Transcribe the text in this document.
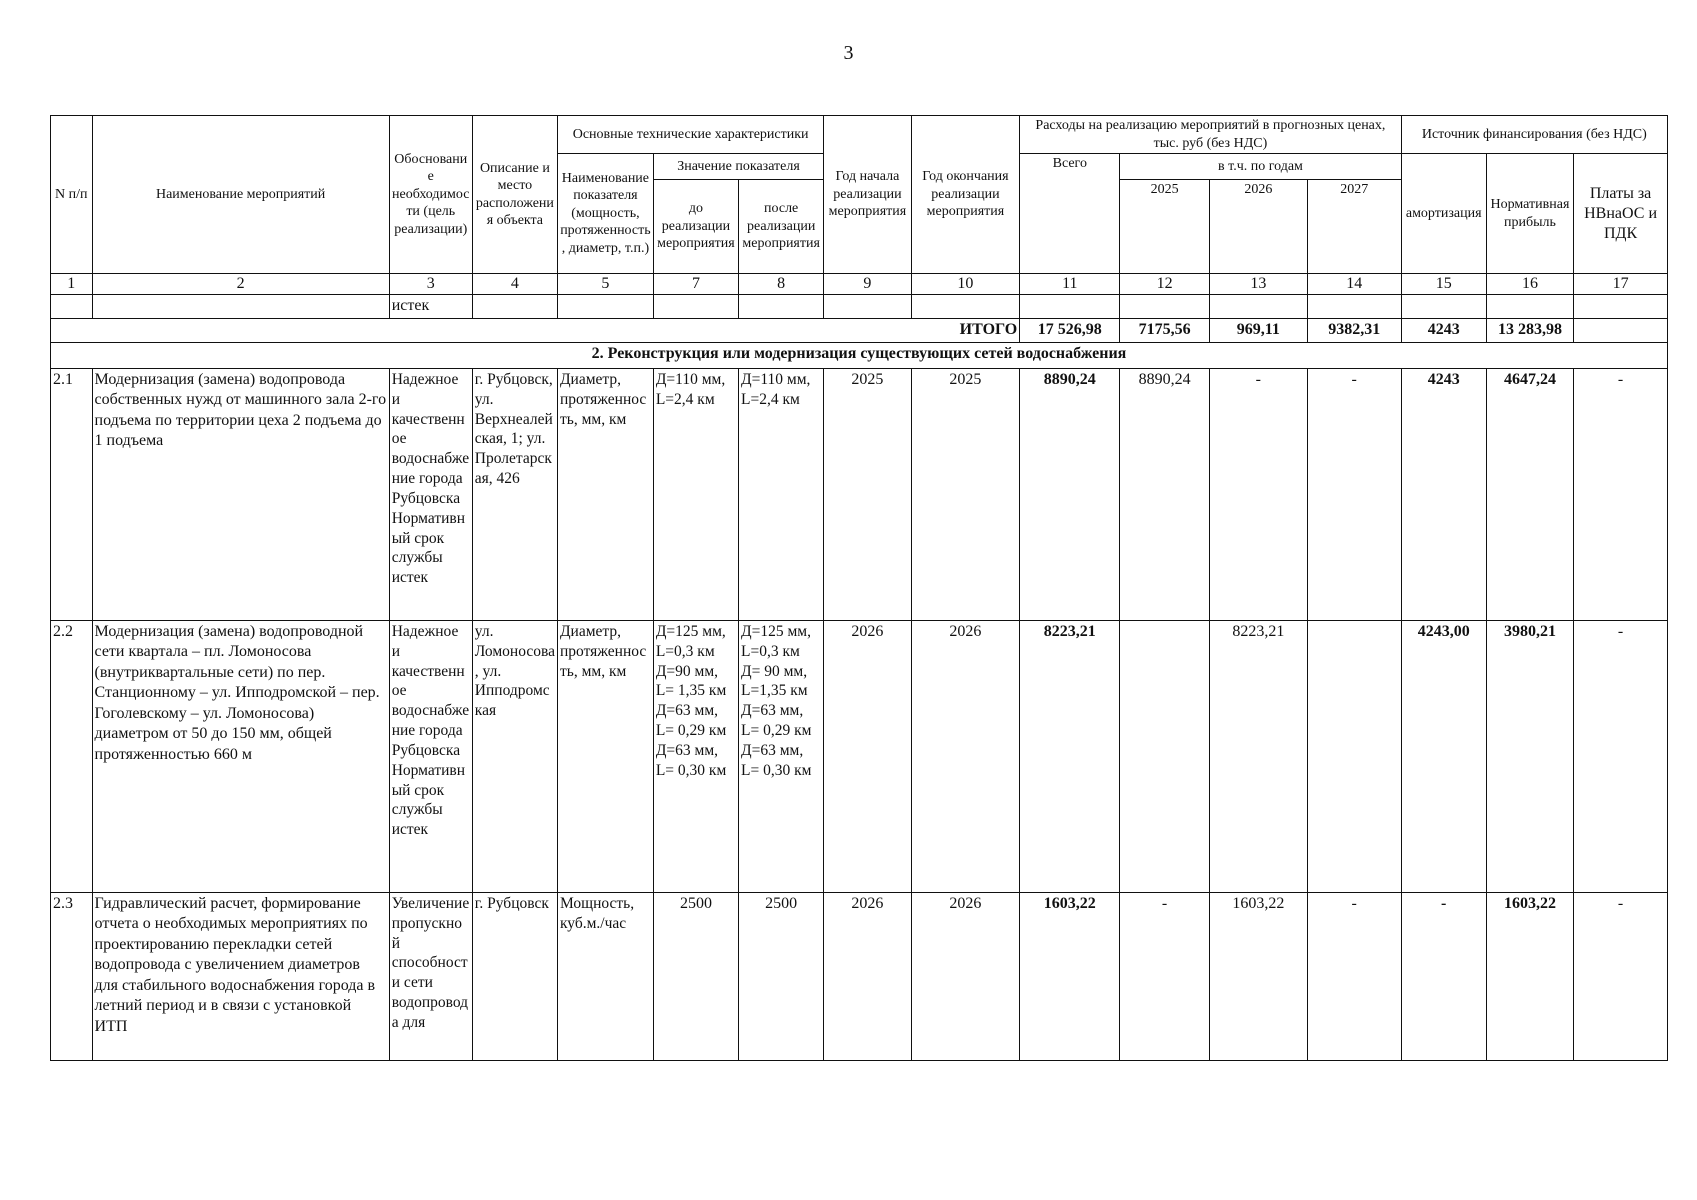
3
N п/п	Наименование мероприятий	Обоснование необходимости (цель реализации)	Описание и место расположения объекта	Основные технические характеристики			Год начала реализации мероприятия	Год окончания реализации мероприятия	Расходы на реализацию мероприятий в прогнозных ценах, тыс. руб (без НДС)				Источник финансирования (без НДС)		
				Наименование показателя (мощность, протяженность, диаметр, т.п.)	Значение показателя				Всего	в т.ч. по годам			амортизация	Нормативная прибыль	Платы за НВнаОС и ПДК
					до реализации мероприятия	после реализации мероприятия				2025	2026	2027			
1	2	3	4	5	7	8	9	10	11	12	13	14	15	16	17
		истек													
ИТОГО									17 526,98	7175,56	969,11	9382,31	4243	13 283,98	
2. Реконструкция или модернизация существующих сетей водоснабжения															
2.1	Модернизация (замена) водопровода собственных нужд от машинного зала 2-го подъема по территории цеха 2 подъема до 1 подъема	Надежное и качественное водоснабжение города Рубцовска Нормативный срок службы истек	г. Рубцовск, ул. Верхнеалейская, 1; ул. Пролетарская, 426	Диаметр, протяженность, мм, км	Д=110 мм, L=2,4 км	Д=110 мм, L=2,4 км	2025	2025	8890,24	8890,24	-	-	4243	4647,24	-
2.2	Модернизация (замена) водопроводной сети квартала – пл. Ломоносова (внутриквартальные сети) по пер. Станционному – ул. Ипподромской – пер. Гоголевскому – ул. Ломоносова) диаметром от 50 до 150 мм, общей протяженностью 660 м	Надежное и качественное водоснабжение города Рубцовска Нормативный срок службы истек	ул. Ломоносова, ул. Ипподромская	Диаметр, протяженность, мм, км	Д=125 мм, L=0,3 км Д=90 мм, L= 1,35 км Д=63 мм, L= 0,29 км Д=63 мм, L= 0,30 км	Д=125 мм, L=0,3 км Д= 90 мм, L=1,35 км Д=63 мм, L= 0,29 км Д=63 мм, L= 0,30 км	2026	2026	8223,21		8223,21		4243,00	3980,21	-
2.3	Гидравлический расчет, формирование отчета о необходимых мероприятиях по проектированию перекладки сетей водопровода с увеличением диаметров для стабильного водоснабжения города в летний период и в связи с установкой ИТП	Увеличение пропускной способности сети водопровода для	г. Рубцовск	Мощность, куб.м./час	2500	2500	2026	2026	1603,22	-	1603,22	-	-	1603,22	-
